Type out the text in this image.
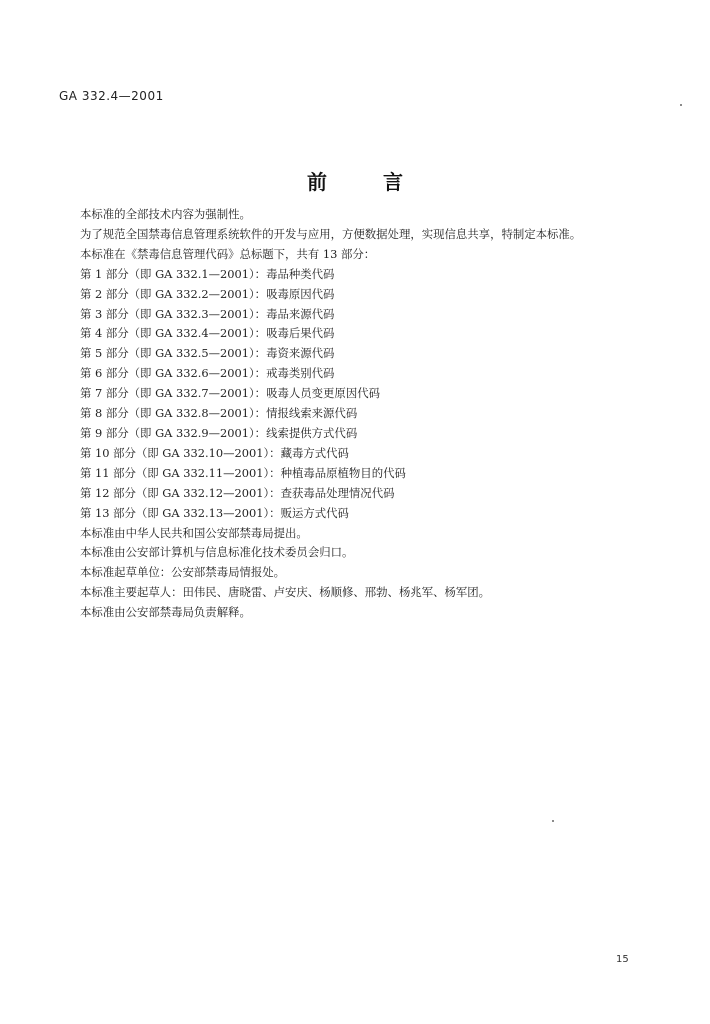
GA 332.4—2001
前	言
本标准的全部技术内容为强制性。
为了规范全国禁毒信息管理系统软件的开发与应用，方便数据处理，实现信息共享，特制定本标准。
本标准在《禁毒信息管理代码》总标题下，共有 13 部分：
第 1 部分（即 GA 332.1—2001）：毒品种类代码
第 2 部分（即 GA 332.2—2001）：吸毒原因代码
第 3 部分（即 GA 332.3—2001）：毒品来源代码
第 4 部分（即 GA 332.4—2001）：吸毒后果代码
第 5 部分（即 GA 332.5—2001）：毒资来源代码
第 6 部分（即 GA 332.6—2001）：戒毒类别代码
第 7 部分（即 GA 332.7—2001）：吸毒人员变更原因代码
第 8 部分（即 GA 332.8—2001）：情报线索来源代码
第 9 部分（即 GA 332.9—2001）：线索提供方式代码
第 10 部分（即 GA 332.10—2001）：藏毒方式代码
第 11 部分（即 GA 332.11—2001）：种植毒品原植物目的代码
第 12 部分（即 GA 332.12—2001）：查获毒品处理情况代码
第 13 部分（即 GA 332.13—2001）：贩运方式代码
本标准由中华人民共和国公安部禁毒局提出。
本标准由公安部计算机与信息标准化技术委员会归口。
本标准起草单位：公安部禁毒局情报处。
本标准主要起草人：田伟民、唐晓雷、卢安庆、杨顺修、邢勃、杨兆军、杨军团。
本标准由公安部禁毒局负责解释。
15
